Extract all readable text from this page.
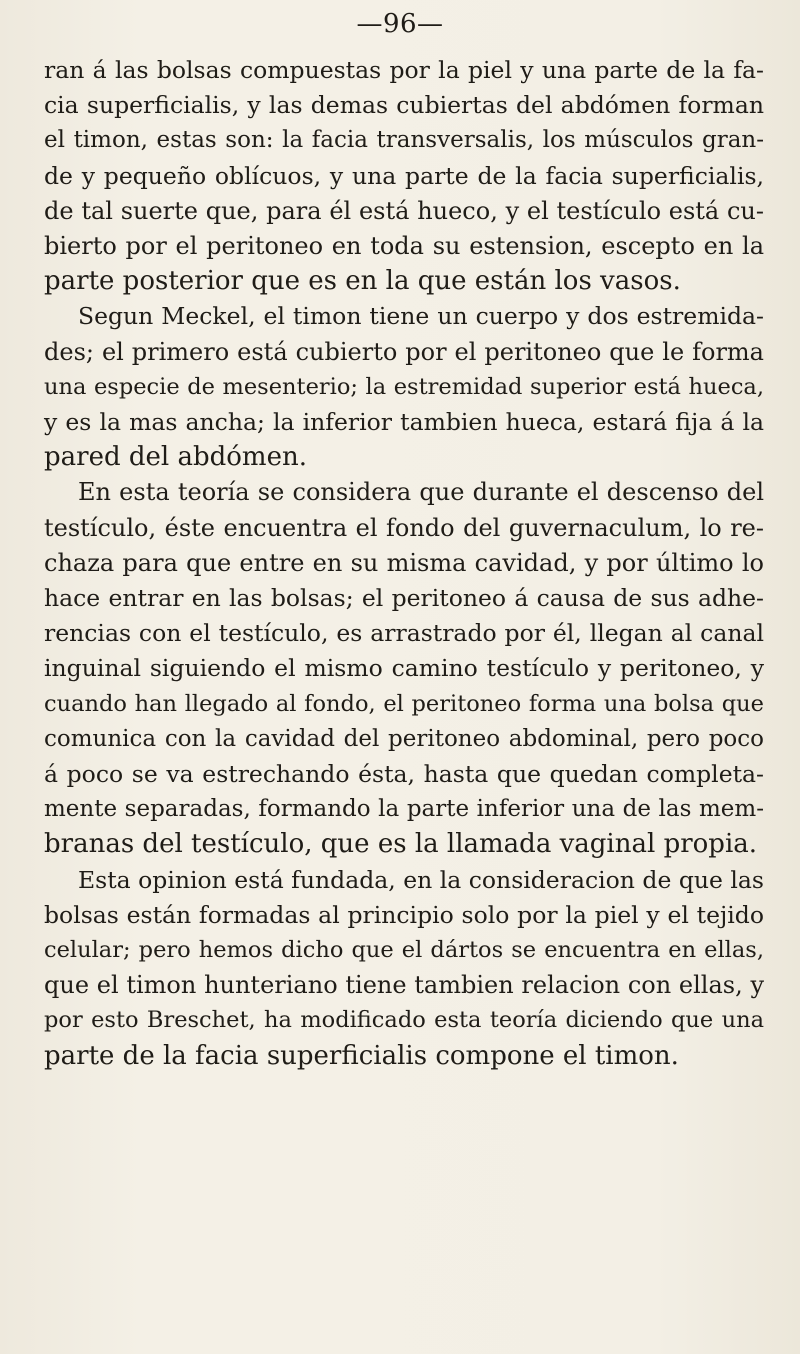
—96—
ran á las bolsas compuestas por la piel y una parte de la fa-
cia superficialis, y las demas cubiertas del abdómen forman
el timon, estas son: la facia transversalis, los músculos gran-
de y pequeño oblícuos, y una parte de la facia superficialis,
de tal suerte que, para él está hueco, y el testículo está cu-
bierto por el peritoneo en toda su estension, escepto en la
parte posterior que es en la que están los vasos.
Segun Meckel, el timon tiene un cuerpo y dos estremida-
des; el primero está cubierto por el peritoneo que le forma
una especie de mesenterio; la estremidad superior está hueca,
y es la mas ancha; la inferior tambien hueca, estará fija á la
pared del abdómen.
En esta teoría se considera que durante el descenso del
testículo, éste encuentra el fondo del guvernaculum, lo re-
chaza para que entre en su misma cavidad, y por último lo
hace entrar en las bolsas; el peritoneo á causa de sus adhe-
rencias con el testículo, es arrastrado por él, llegan al canal
inguinal siguiendo el mismo camino testículo y peritoneo, y
cuando han llegado al fondo, el peritoneo forma una bolsa que
comunica con la cavidad del peritoneo abdominal, pero poco
á poco se va estrechando ésta, hasta que quedan completa-
mente separadas, formando la parte inferior una de las mem-
branas del testículo, que es la llamada vaginal propia.
Esta opinion está fundada, en la consideracion de que las
bolsas están formadas al principio solo por la piel y el tejido
celular; pero hemos dicho que el dártos se encuentra en ellas,
que el timon hunteriano tiene tambien relacion con ellas, y
por esto Breschet, ha modificado esta teoría diciendo que una
parte de la facia superficialis compone el timon.
